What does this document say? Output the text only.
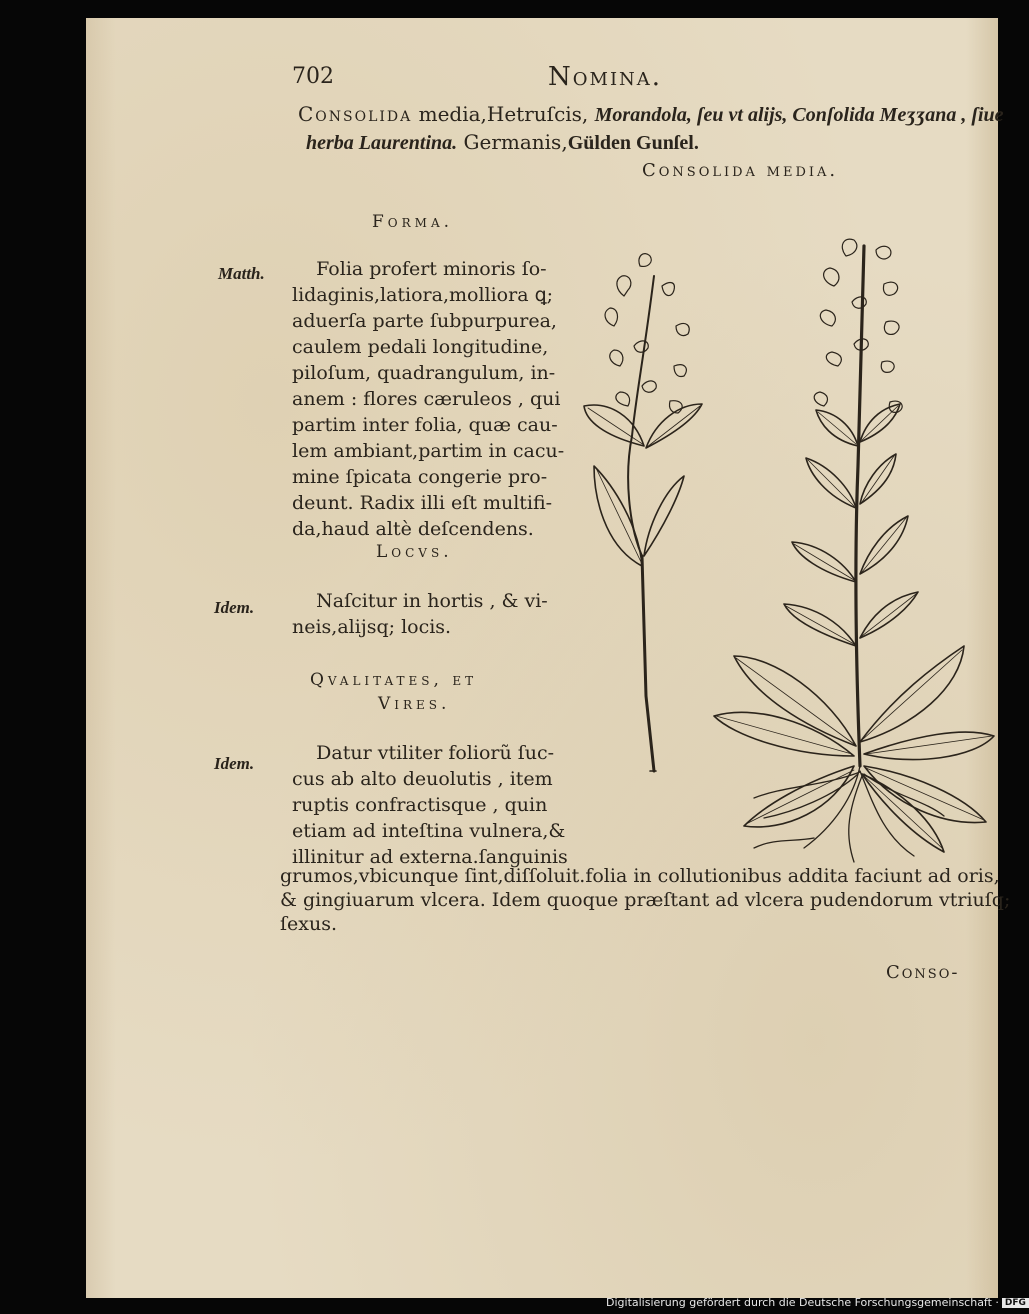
702	Nomina.
Consolida media,Hetruſcis, Morandola, ſeu vt alijs, Conſolida Meʒʒana , ſiue
herba Laurentina. Germanis,Gülden Gunſel.
Consolida media.
Forma.
Matth. Folia profert minoris ſo-
lidaginis,latiora,molliora ꝗ;
aduerſa parte ſubpurpurea,
caulem pedali longitudine,
piloſum, quadrangulum, in-
anem : flores cæruleos , qui
partim inter folia, quæ cau-
lem ambiant,partim in cacu-
mine ſpicata congerie pro-
deunt. Radix illi eſt multifi-
da,haud altè deſcendens.
Locvs.
Idem. Naſcitur in hortis , & vi-
neis,alijsq; locis.
Qvalitates, et
Vires.
Idem. Datur vtiliter foliorũ ſuc-
cus ab alto deuolutis , item
ruptis confractisque , quin
etiam ad inteſtina vulnera,&
illinitur ad externa.ſanguinis
grumos,vbicunque ſint,diſſoluit.folia in collutionibus addita faciunt ad oris,
& gingiuarum vlcera. Idem quoque præſtant ad vlcera pudendorum vtriuſq;
ſexus.
Conso-
Digitalisierung gefördert durch die Deutsche Forschungsgemeinschaft · DFG
